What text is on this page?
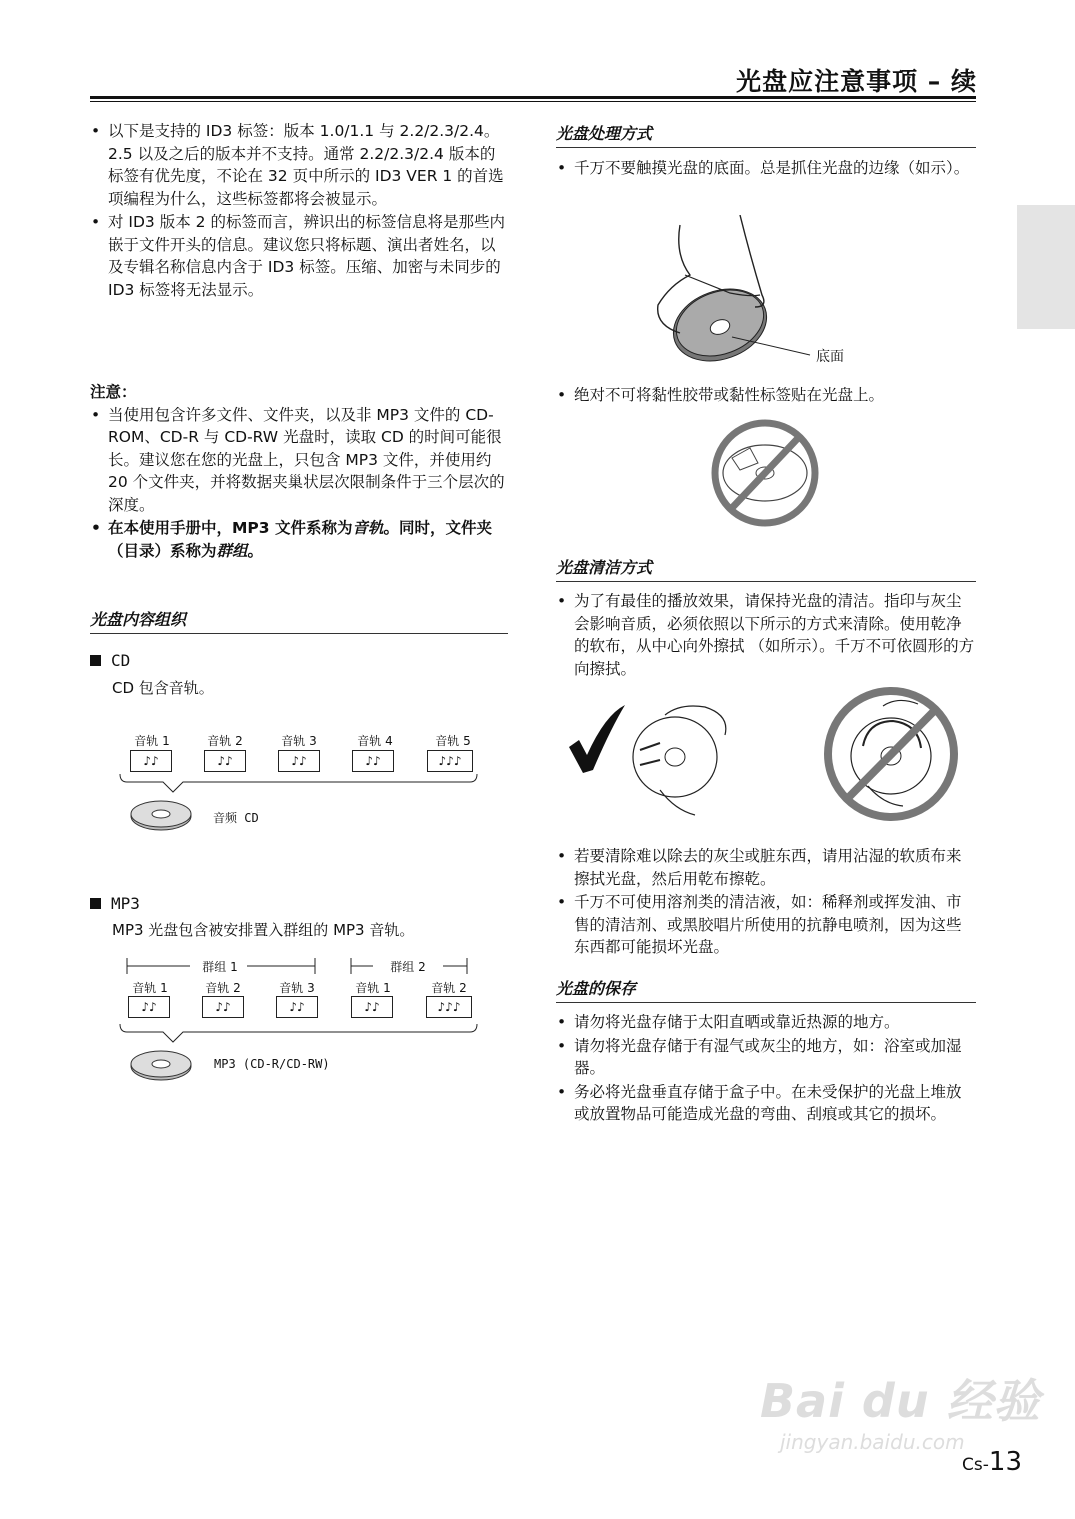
光盘应注意事项 – 续
• 以下是支持的 ID3 标签：版本 1.0/1.1 与 2.2/2.3/2.4。2.5 以及之后的版本并不支持。通常 2.2/2.3/2.4 版本的标签有优先度，不论在 32 页中所示的 ID3 VER 1 的首选项编程为什么，这些标签都将会被显示。
• 对 ID3 版本 2 的标签而言，辨识出的标签信息将是那些内嵌于文件开头的信息。建议您只将标题、演出者姓名，以及专辑名称信息内含于 ID3 标签。压缩、加密与未同步的 ID3 标签将无法显示。
注意：
• 当使用包含许多文件、文件夹，以及非 MP3 文件的 CD-ROM、CD-R 与 CD-RW 光盘时，读取 CD 的时间可能很长。建议您在您的光盘上，只包含 MP3 文件，并使用约 20 个文件夹，并将数据夹巢状层次限制条件于三个层次的深度。
• 在本使用手册中，MP3 文件系称为音轨。同时，文件夹 （目录）系称为群组。
光盘内容组织
CD
CD 包含音轨。
音轨 1	音轨 2	音轨 3	音轨 4	音轨 5
♪♪	♪♪	♪♪	♪♪	♪♪♪
音频 CD
MP3
MP3 光盘包含被安排置入群组的 MP3 音轨。
群组 1	群组 2
音轨 1	音轨 2	音轨 3	音轨 1	音轨 2
♪♪	♪♪	♪♪	♪♪	♪♪♪
MP3 (CD-R/CD-RW)
光盘处理方式
• 千万不要触摸光盘的底面。总是抓住光盘的边缘（如示）。
底面
• 绝对不可将黏性胶带或黏性标签贴在光盘上。
光盘清洁方式
• 为了有最佳的播放效果，请保持光盘的清洁。指印与灰尘会影响音质，必须依照以下所示的方式来清除。使用乾净的软布，从中心向外擦拭 （如所示）。千万不可依圆形的方向擦拭。
• 若要清除难以除去的灰尘或脏东西，请用沾湿的软质布来擦拭光盘，然后用乾布擦乾。
• 千万不可使用溶剂类的清洁液，如：稀释剂或挥发油、市售的清洁剂、或黑胶唱片所使用的抗静电喷剂，因为这些东西都可能损坏光盘。
光盘的保存
• 请勿将光盘存储于太阳直晒或靠近热源的地方。
• 请勿将光盘存储于有湿气或灰尘的地方，如：浴室或加湿器。
• 务必将光盘垂直存储于盒子中。在未受保护的光盘上堆放或放置物品可能造成光盘的弯曲、刮痕或其它的损坏。
Bai du 经验
jingyan.baidu.com
Cs-13
